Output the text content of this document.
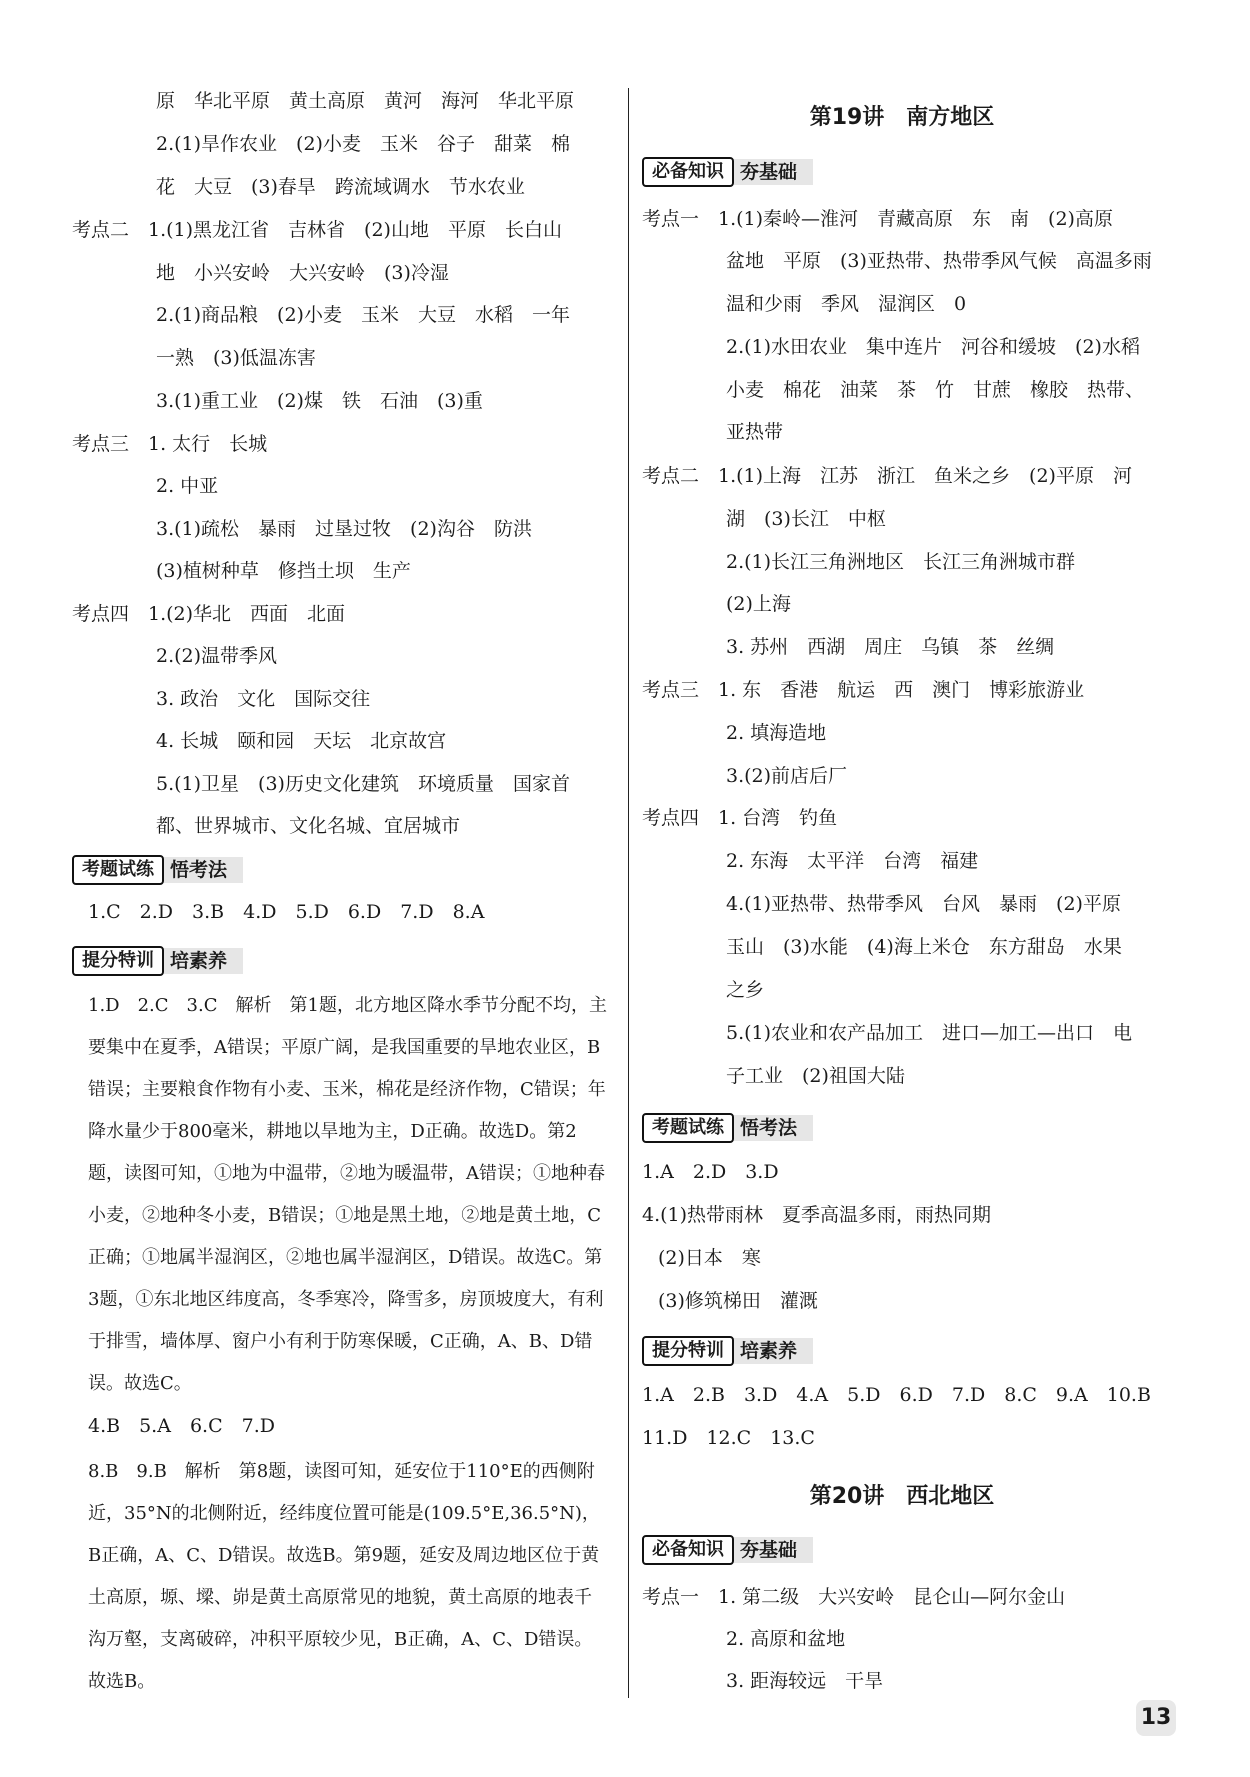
原　华北平原　黄土高原　黄河　海河　华北平原
2.(1)旱作农业　(2)小麦　玉米　谷子　甜菜　棉
花　大豆　(3)春旱　跨流域调水　节水农业
考点二　1.(1)黑龙江省　吉林省　(2)山地　平原　长白山
地　小兴安岭　大兴安岭　(3)冷湿
2.(1)商品粮　(2)小麦　玉米　大豆　水稻　一年
一熟　(3)低温冻害
3.(1)重工业　(2)煤　铁　石油　(3)重
考点三　1. 太行　长城
2. 中亚
3.(1)疏松　暴雨　过垦过牧　(2)沟谷　防洪
(3)植树种草　修挡土坝　生产
考点四　1.(2)华北　西面　北面
2.(2)温带季风
3. 政治　文化　国际交往
4. 长城　颐和园　天坛　北京故宫
5.(1)卫星　(3)历史文化建筑　环境质量　国家首
都、世界城市、文化名城、宜居城市
考题试练 悟考法
1.C　2.D　3.B　4.D　5.D　6.D　7.D　8.A
提分特训 培素养
1.D　2.C　3.C　解析　第1题，北方地区降水季节分配不均，主要集中在夏季，A错误；平原广阔，是我国重要的旱地农业区，B错误；主要粮食作物有小麦、玉米，棉花是经济作物，C错误；年降水量少于800毫米，耕地以旱地为主，D正确。故选D。第2题，读图可知，①地为中温带，②地为暖温带，A错误；①地种春小麦，②地种冬小麦，B错误；①地是黑土地，②地是黄土地，C正确；①地属半湿润区，②地也属半湿润区，D错误。故选C。第3题，①东北地区纬度高，冬季寒冷，降雪多，房顶坡度大，有利于排雪，墙体厚、窗户小有利于防寒保暖，C正确，A、B、D错误。故选C。
4.B　5.A　6.C　7.D
8.B　9.B　解析　第8题，读图可知，延安位于110°E的西侧附近，35°N的北侧附近，经纬度位置可能是(109.5°E,36.5°N)，B正确，A、C、D错误。故选B。第9题，延安及周边地区位于黄土高原，塬、墚、峁是黄土高原常见的地貌，黄土高原的地表千沟万壑，支离破碎，冲积平原较少见，B正确，A、C、D错误。故选B。
第19讲　南方地区
必备知识 夯基础
考点一　1.(1)秦岭—淮河　青藏高原　东　南　(2)高原
盆地　平原　(3)亚热带、热带季风气候　高温多雨
温和少雨　季风　湿润区　0
2.(1)水田农业　集中连片　河谷和缓坡　(2)水稻
小麦　棉花　油菜　茶　竹　甘蔗　橡胶　热带、
亚热带
考点二　1.(1)上海　江苏　浙江　鱼米之乡　(2)平原　河
湖　(3)长江　中枢
2.(1)长江三角洲地区　长江三角洲城市群
(2)上海
3. 苏州　西湖　周庄　乌镇　茶　丝绸
考点三　1. 东　香港　航运　西　澳门　博彩旅游业
2. 填海造地
3.(2)前店后厂
考点四　1. 台湾　钓鱼
2. 东海　太平洋　台湾　福建
4.(1)亚热带、热带季风　台风　暴雨　(2)平原
玉山　(3)水能　(4)海上米仓　东方甜岛　水果
之乡
5.(1)农业和农产品加工　进口—加工—出口　电
子工业　(2)祖国大陆
考题试练 悟考法
1.A　2.D　3.D
4.(1)热带雨林　夏季高温多雨，雨热同期
(2)日本　寒
(3)修筑梯田　灌溉
提分特训 培素养
1.A　2.B　3.D　4.A　5.D　6.D　7.D　8.C　9.A　10.B
11.D　12.C　13.C
第20讲　西北地区
必备知识 夯基础
考点一　1. 第二级　大兴安岭　昆仑山—阿尔金山
2. 高原和盆地
3. 距海较远　干旱
13
